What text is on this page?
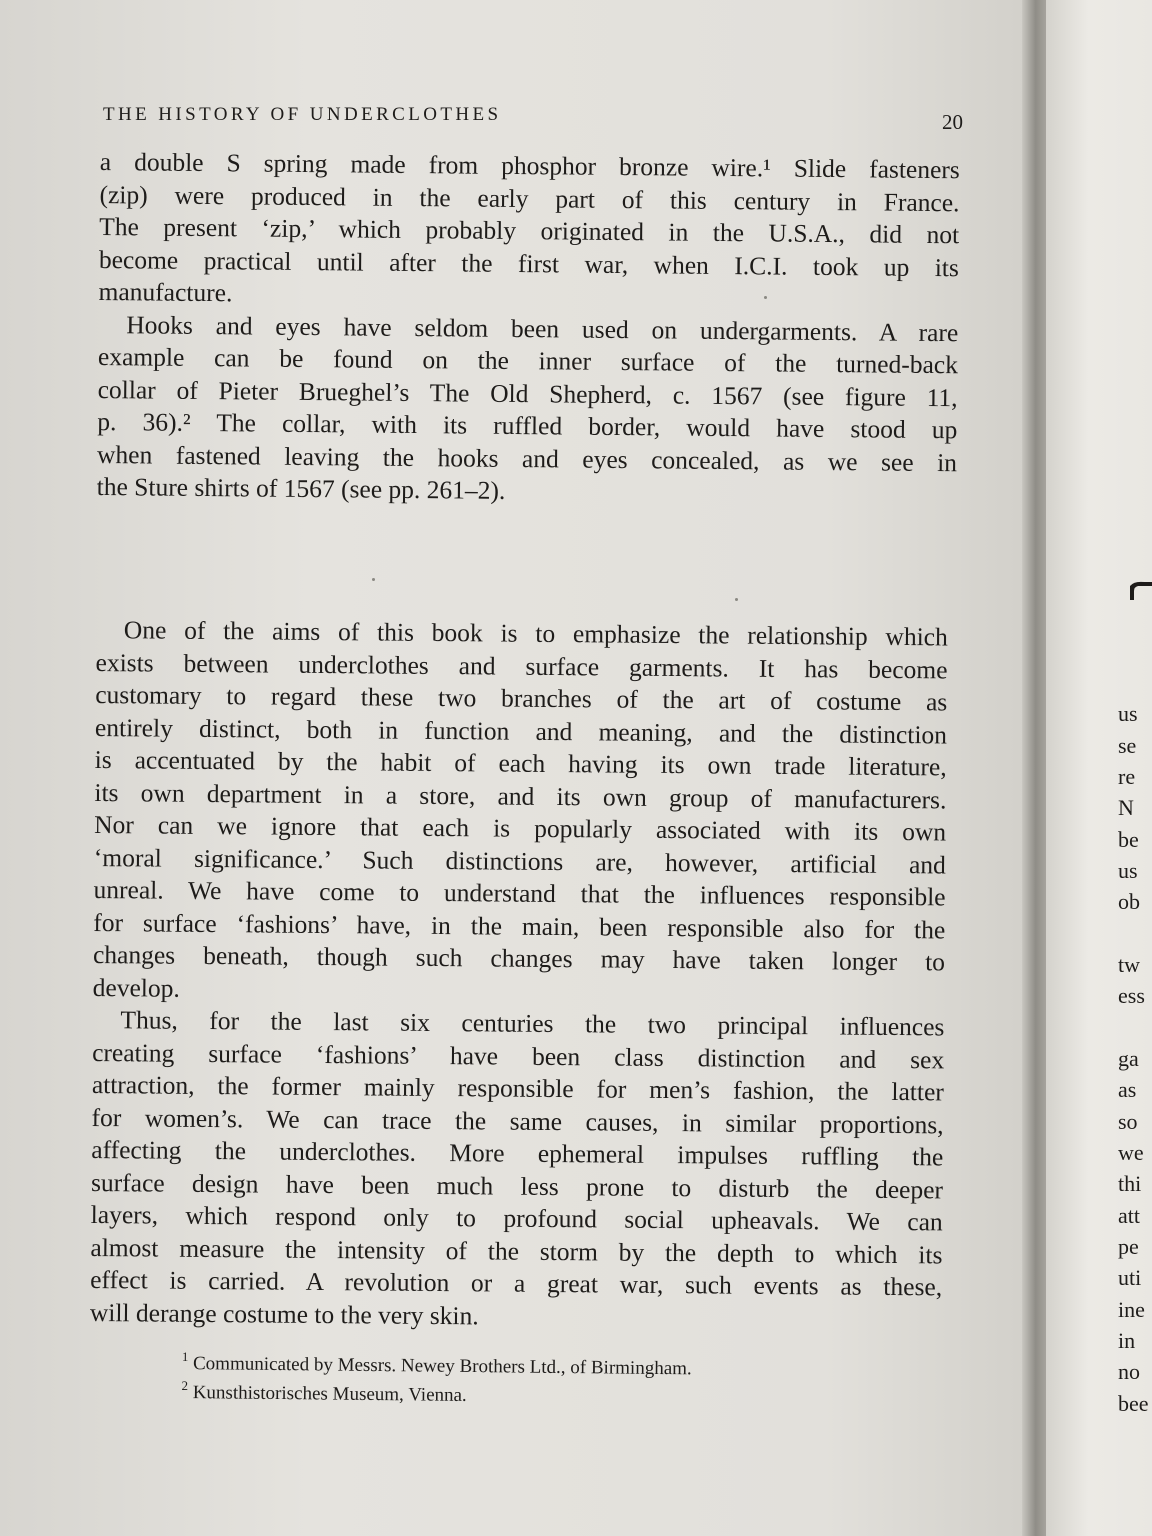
THE HISTORY OF UNDERCLOTHES	20
a double S spring made from phosphor bronze wire.¹ Slide fasteners
(zip) were produced in the early part of this century in France.
The present ‘zip,’ which probably originated in the U.S.A., did not
become practical until after the first war, when I.C.I. took up its
manufacture.
Hooks and eyes have seldom been used on undergarments. A rare
example can be found on the inner surface of the turned-back
collar of Pieter Brueghel’s The Old Shepherd, c. 1567 (see figure 11,
p. 36).² The collar, with its ruffled border, would have stood up
when fastened leaving the hooks and eyes concealed, as we see in
the Sture shirts of 1567 (see pp. 261–2).
One of the aims of this book is to emphasize the relationship which
exists between underclothes and surface garments. It has become
customary to regard these two branches of the art of costume as
entirely distinct, both in function and meaning, and the distinction
is accentuated by the habit of each having its own trade literature,
its own department in a store, and its own group of manufacturers.
Nor can we ignore that each is popularly associated with its own
‘moral significance.’ Such distinctions are, however, artificial and
unreal. We have come to understand that the influences responsible
for surface ‘fashions’ have, in the main, been responsible also for the
changes beneath, though such changes may have taken longer to
develop.
Thus, for the last six centuries the two principal influences
creating surface ‘fashions’ have been class distinction and sex
attraction, the former mainly responsible for men’s fashion, the latter
for women’s. We can trace the same causes, in similar proportions,
affecting the underclothes. More ephemeral impulses ruffling the
surface design have been much less prone to disturb the deeper
layers, which respond only to profound social upheavals. We can
almost measure the intensity of the storm by the depth to which its
effect is carried. A revolution or a great war, such events as these,
will derange costume to the very skin.
$^1$ Communicated by Messrs. Newey Brothers Ltd., of Birmingham.
$^2$ Kunsthistorisches Museum, Vienna.
us
se
re
N
be
us
ob
tw
ess
ga
as
so
we
thi
att
pe
uti
ine
in
no
bee
